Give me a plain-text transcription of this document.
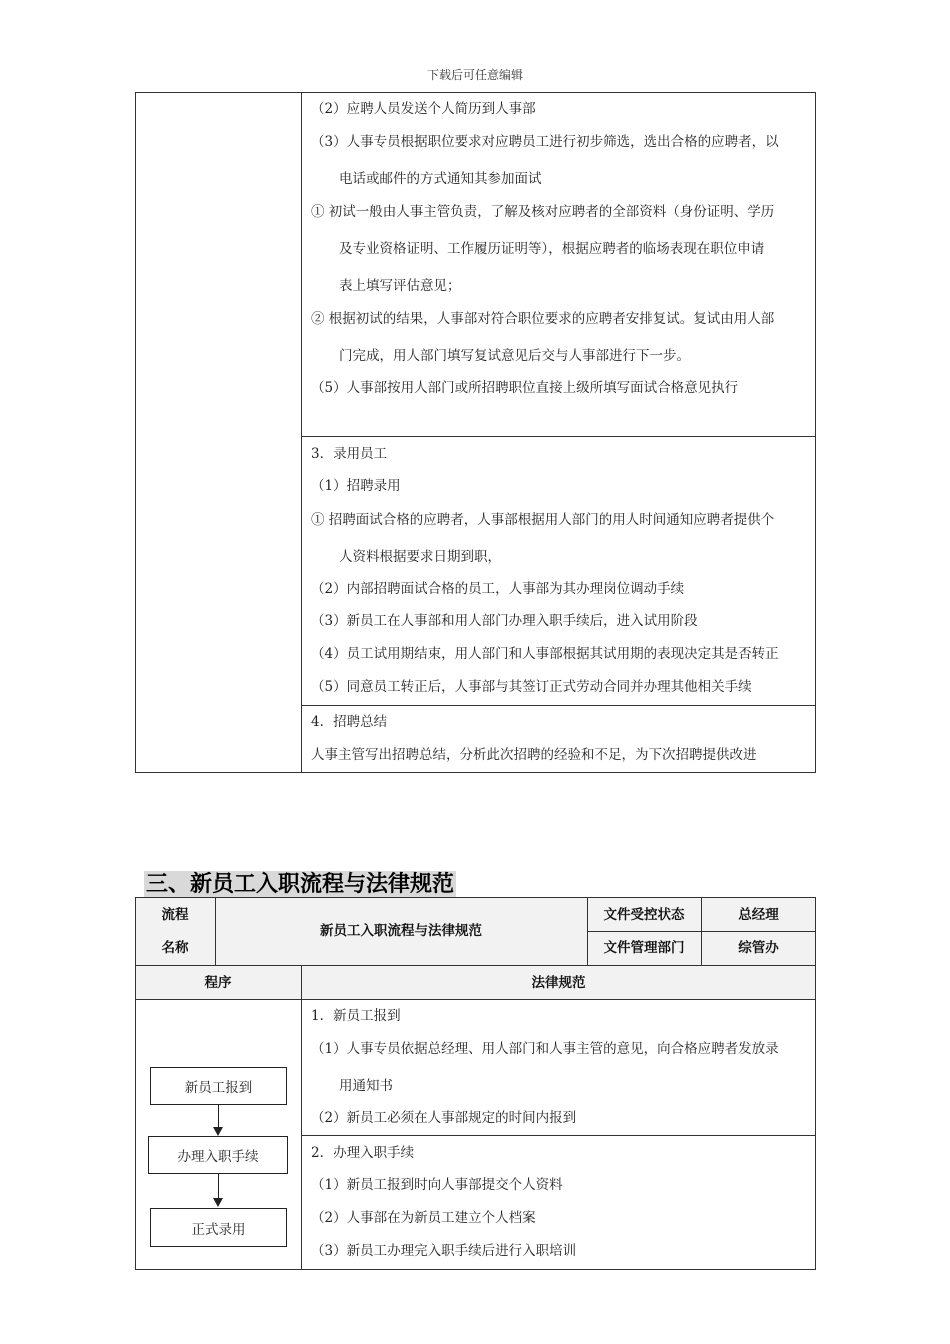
下载后可任意编辑
（2）应聘人员发送个人简历到人事部
（3）人事专员根据职位要求对应聘员工进行初步筛选，选出合格的应聘者，以
电话或邮件的方式通知其参加面试
① 初试一般由人事主管负责，了解及核对应聘者的全部资料（身份证明、学历
及专业资格证明、工作履历证明等），根据应聘者的临场表现在职位申请
表上填写评估意见；
② 根据初试的结果，人事部对符合职位要求的应聘者安排复试。复试由用人部
门完成，用人部门填写复试意见后交与人事部进行下一步。
（5）人事部按用人部门或所招聘职位直接上级所填写面试合格意见执行
3．录用员工
（1）招聘录用
① 招聘面试合格的应聘者，人事部根据用人部门的用人时间通知应聘者提供个
人资料根据要求日期到职，
（2）内部招聘面试合格的员工，人事部为其办理岗位调动手续
（3）新员工在人事部和用人部门办理入职手续后，进入试用阶段
（4）员工试用期结束，用人部门和人事部根据其试用期的表现决定其是否转正
（5）同意员工转正后，人事部与其签订正式劳动合同并办理其他相关手续
4．招聘总结
人事主管写出招聘总结，分析此次招聘的经验和不足，为下次招聘提供改进
三、新员工入职流程与法律规范
流程
名称
新员工入职流程与法律规范
文件受控状态	总经理
文件管理部门	综管办
程序	法律规范
新员工报到
办理入职手续
正式录用
1．新员工报到
（1）人事专员依据总经理、用人部门和人事主管的意见，向合格应聘者发放录
用通知书
（2）新员工必须在人事部规定的时间内报到
2．办理入职手续
（1）新员工报到时向人事部提交个人资料
（2）人事部在为新员工建立个人档案
（3）新员工办理完入职手续后进行入职培训
